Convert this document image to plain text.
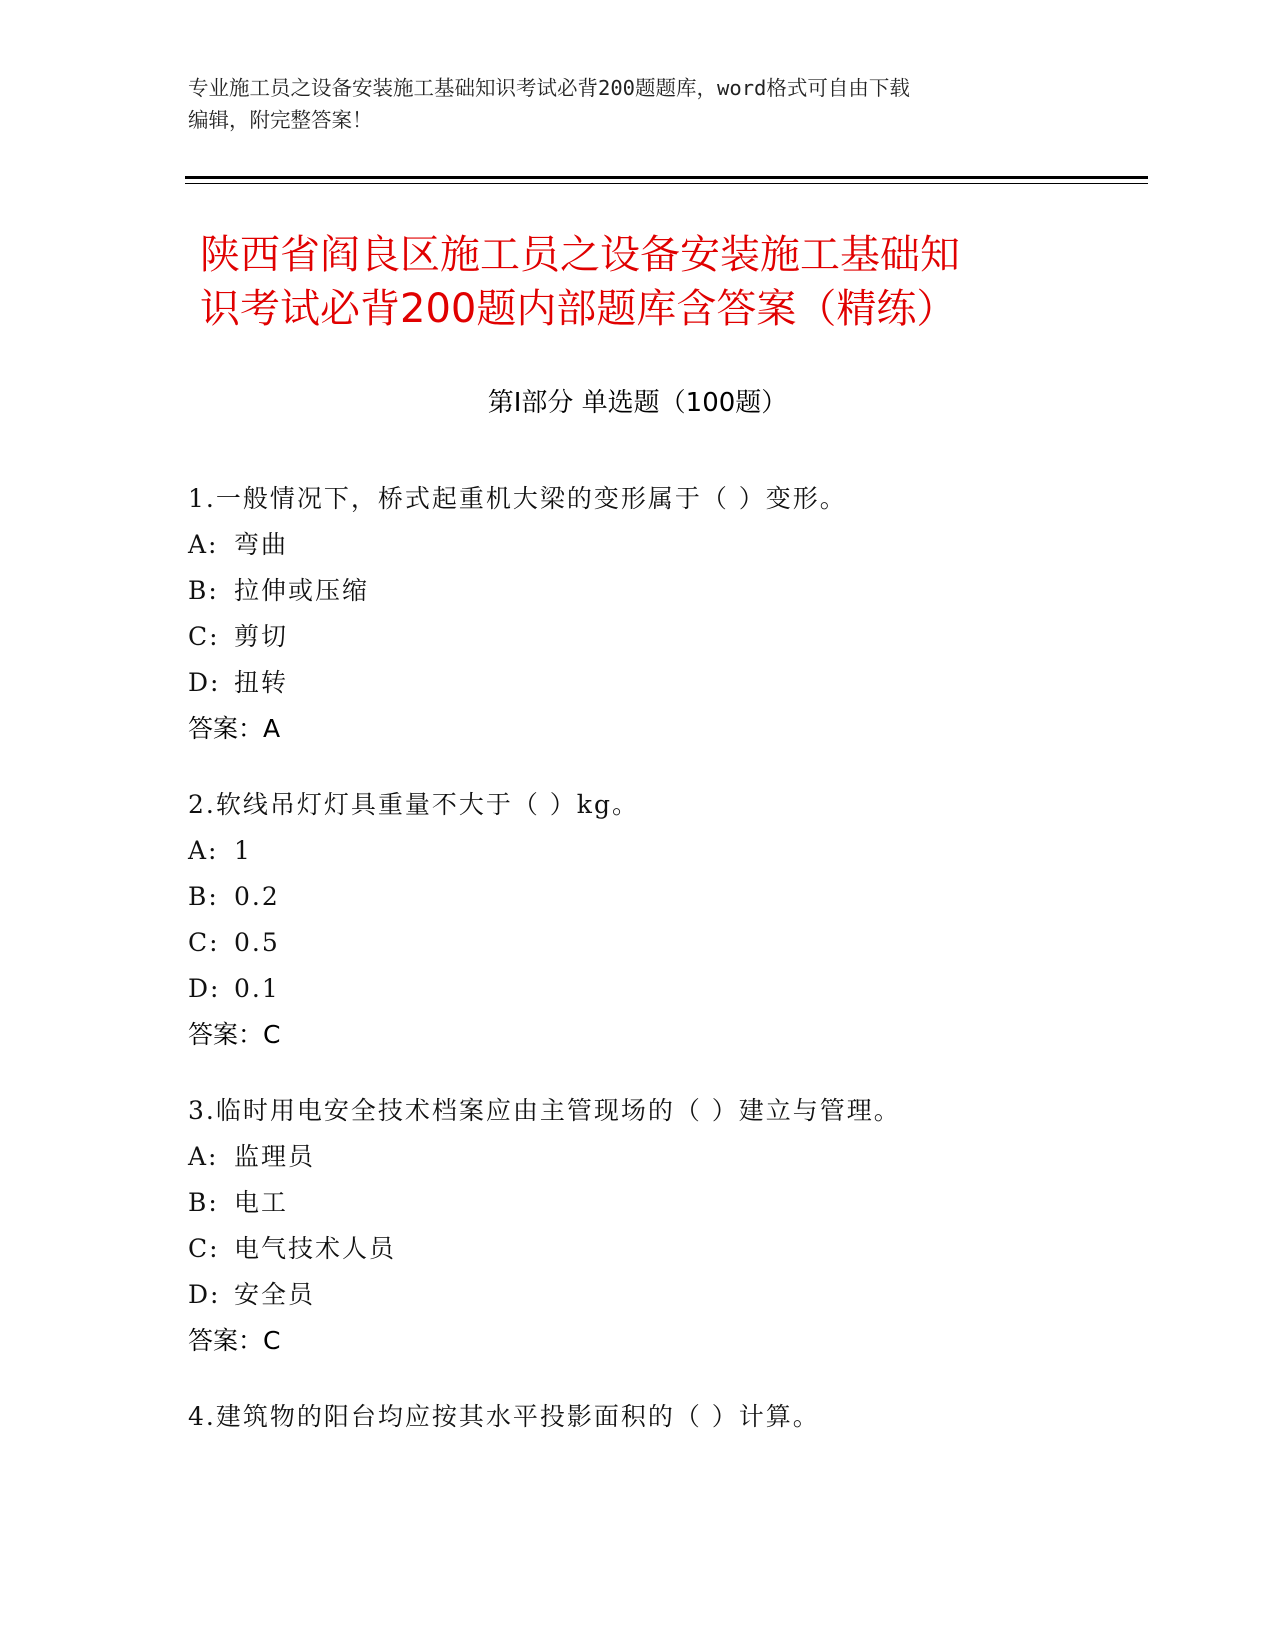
专业施工员之设备安装施工基础知识考试必背200题题库，word格式可自由下载
编辑，附完整答案！
陕西省阎良区施工员之设备安装施工基础知
识考试必背200题内部题库含答案（精练）
第Ⅰ部分 单选题（100题）
1.一般情况下，桥式起重机大梁的变形属于（ ）变形。
A: 弯曲
B: 拉伸或压缩
C: 剪切
D: 扭转
答案：A
2.软线吊灯灯具重量不大于（ ）kg。
A: 1
B: 0.2
C: 0.5
D: 0.1
答案：C
3.临时用电安全技术档案应由主管现场的（ ）建立与管理。
A: 监理员
B: 电工
C: 电气技术人员
D: 安全员
答案：C
4.建筑物的阳台均应按其水平投影面积的（ ）计算。
